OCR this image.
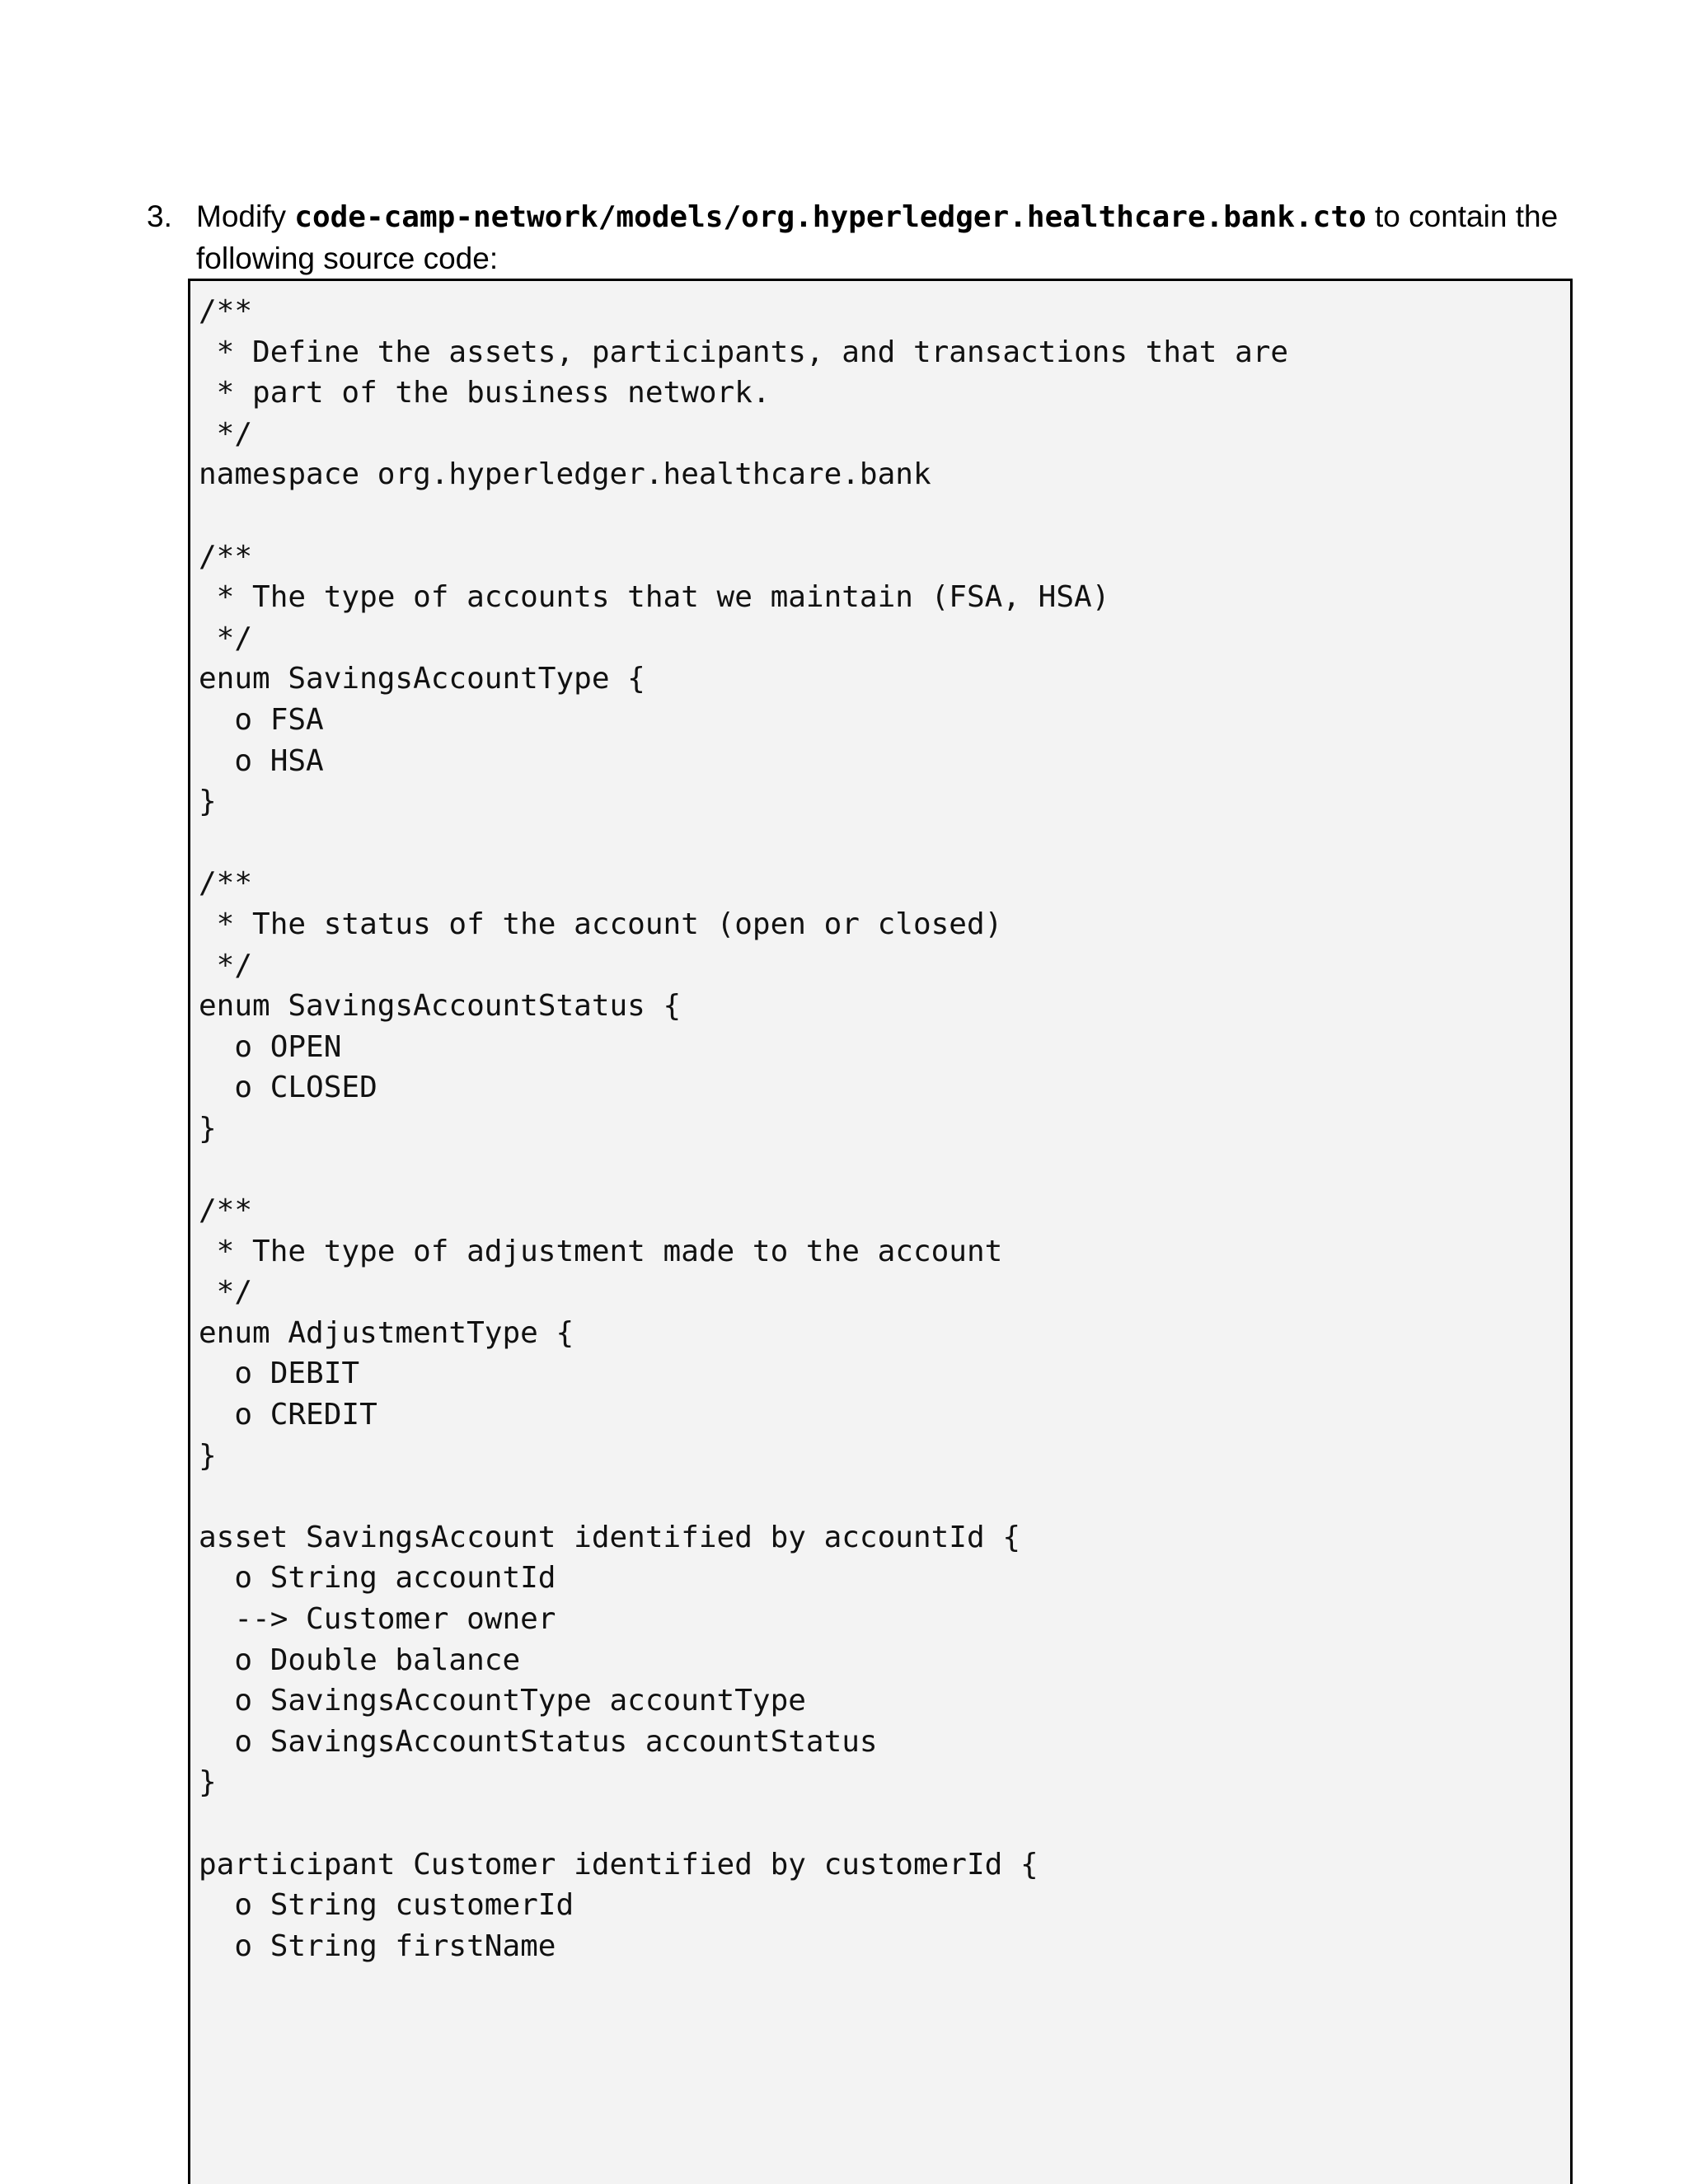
3. Modify code-camp-network/models/org.hyperledger.healthcare.bank.cto to contain the following source code:
/**
* Define the assets, participants, and transactions that are
* part of the business network.
*/
namespace org.hyperledger.healthcare.bank

/**
* The type of accounts that we maintain (FSA, HSA)
*/
enum SavingsAccountType {
o FSA
o HSA
}

/**
* The status of the account (open or closed)
*/
enum SavingsAccountStatus {
o OPEN
o CLOSED
}

/**
* The type of adjustment made to the account
*/
enum AdjustmentType {
o DEBIT
o CREDIT
}

asset SavingsAccount identified by accountId {
o String accountId
--> Customer owner
o Double balance
o SavingsAccountType accountType
o SavingsAccountStatus accountStatus
}

participant Customer identified by customerId {
o String customerId
o String firstName
